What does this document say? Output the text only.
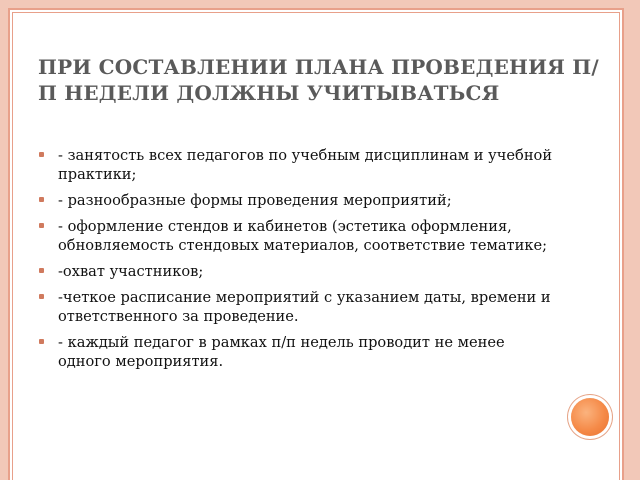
ПРИ СОСТАВЛЕНИИ ПЛАНА ПРОВЕДЕНИЯ П/П НЕДЕЛИ ДОЛЖНЫ УЧИТЫВАТЬСЯ
- занятость всех педагогов по учебным дисциплинам и учебной практики;
- разнообразные формы проведения мероприятий;
- оформление стендов и кабинетов (эстетика оформления, обновляемость стендовых материалов, соответствие тематике;
-охват участников;
-четкое расписание мероприятий с указанием даты, времени и ответственного за проведение.
- каждый педагог в рамках п/п недель проводит не менее одного мероприятия.
